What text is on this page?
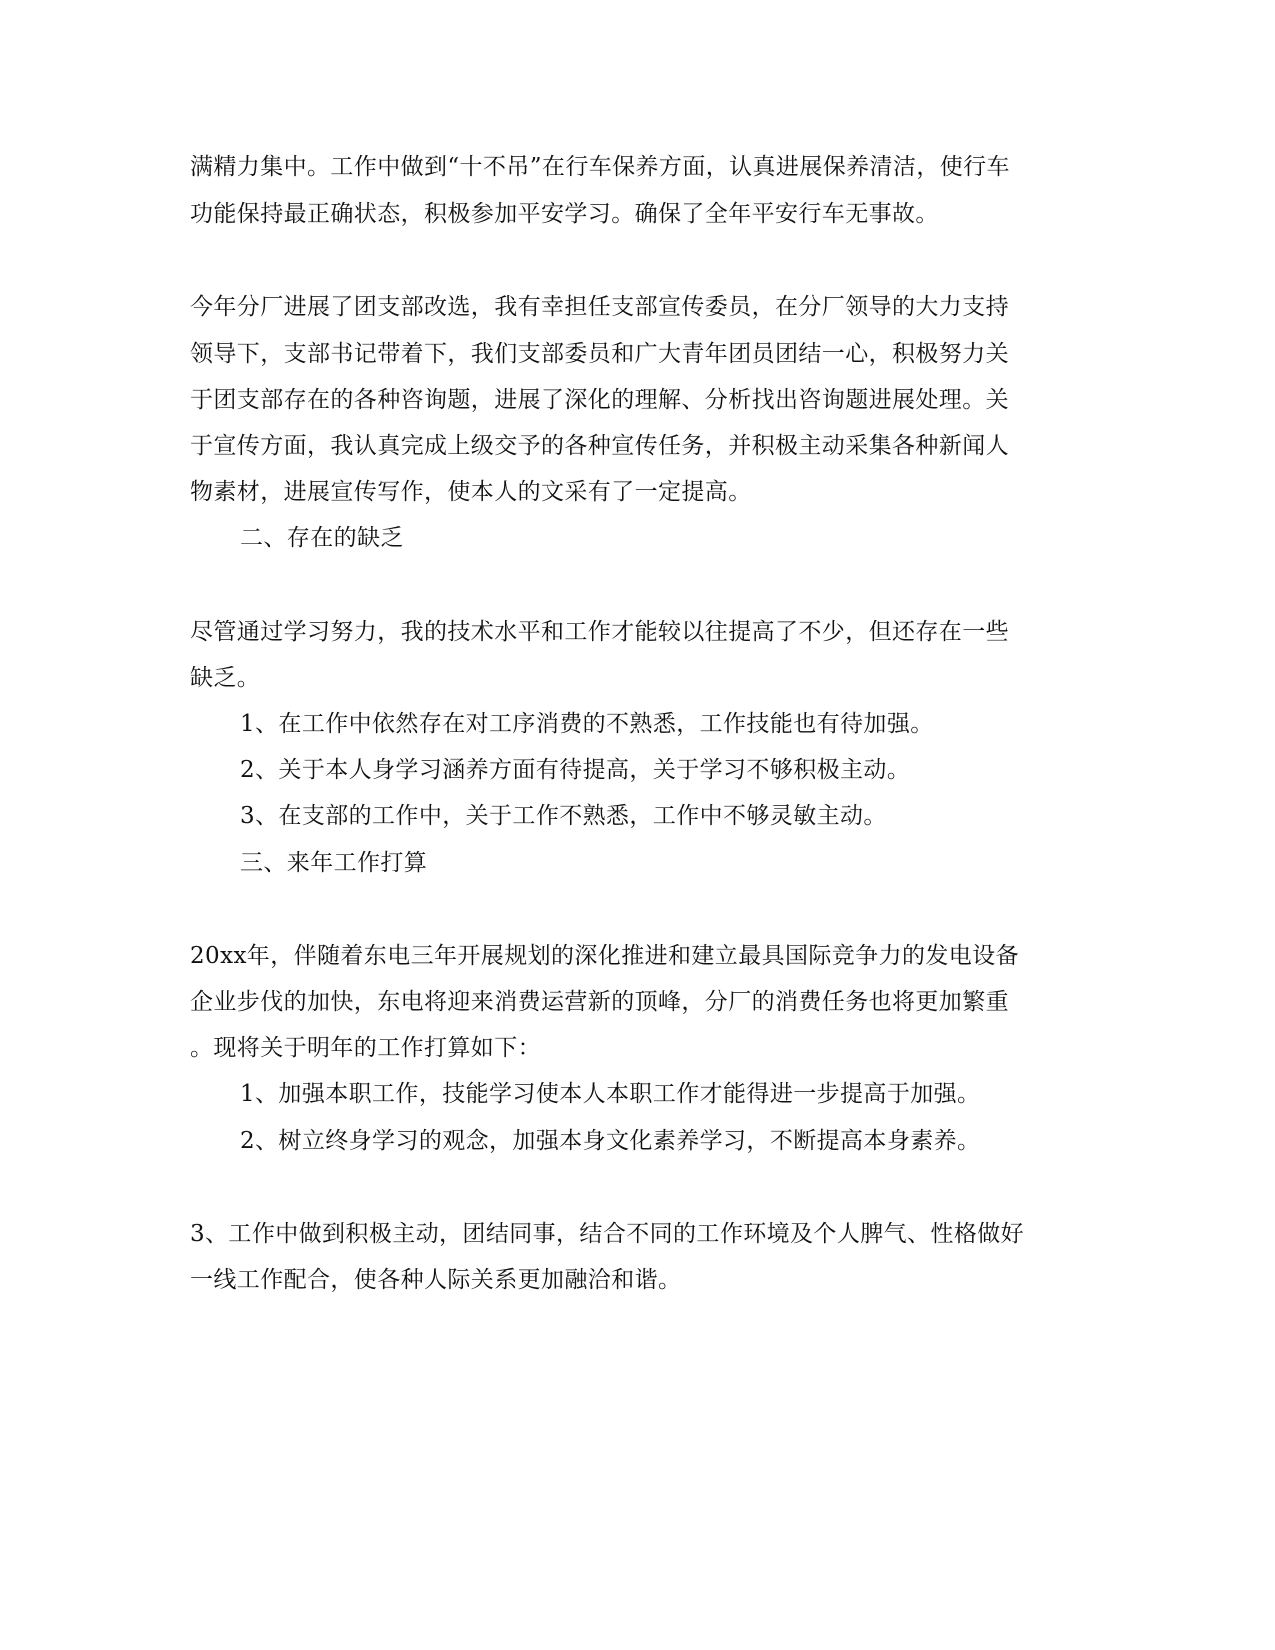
满精力集中。工作中做到“十不吊”在行车保养方面，认真进展保养清洁，使行车
功能保持最正确状态，积极参加平安学习。确保了全年平安行车无事故。
今年分厂进展了团支部改选，我有幸担任支部宣传委员，在分厂领导的大力支持
领导下，支部书记带着下，我们支部委员和广大青年团员团结一心，积极努力关
于团支部存在的各种咨询题，进展了深化的理解、分析找出咨询题进展处理。关
于宣传方面，我认真完成上级交予的各种宣传任务，并积极主动采集各种新闻人
物素材，进展宣传写作，使本人的文采有了一定提高。
二、存在的缺乏
尽管通过学习努力，我的技术水平和工作才能较以往提高了不少，但还存在一些
缺乏。
1、在工作中依然存在对工序消费的不熟悉，工作技能也有待加强。
2、关于本人身学习涵养方面有待提高，关于学习不够积极主动。
3、在支部的工作中，关于工作不熟悉，工作中不够灵敏主动。
三、来年工作打算
20xx年，伴随着东电三年开展规划的深化推进和建立最具国际竞争力的发电设备
企业步伐的加快，东电将迎来消费运营新的顶峰，分厂的消费任务也将更加繁重
。现将关于明年的工作打算如下：
1、加强本职工作，技能学习使本人本职工作才能得进一步提高于加强。
2、树立终身学习的观念，加强本身文化素养学习，不断提高本身素养。
3、工作中做到积极主动，团结同事，结合不同的工作环境及个人脾气、性格做好
一线工作配合，使各种人际关系更加融洽和谐。
